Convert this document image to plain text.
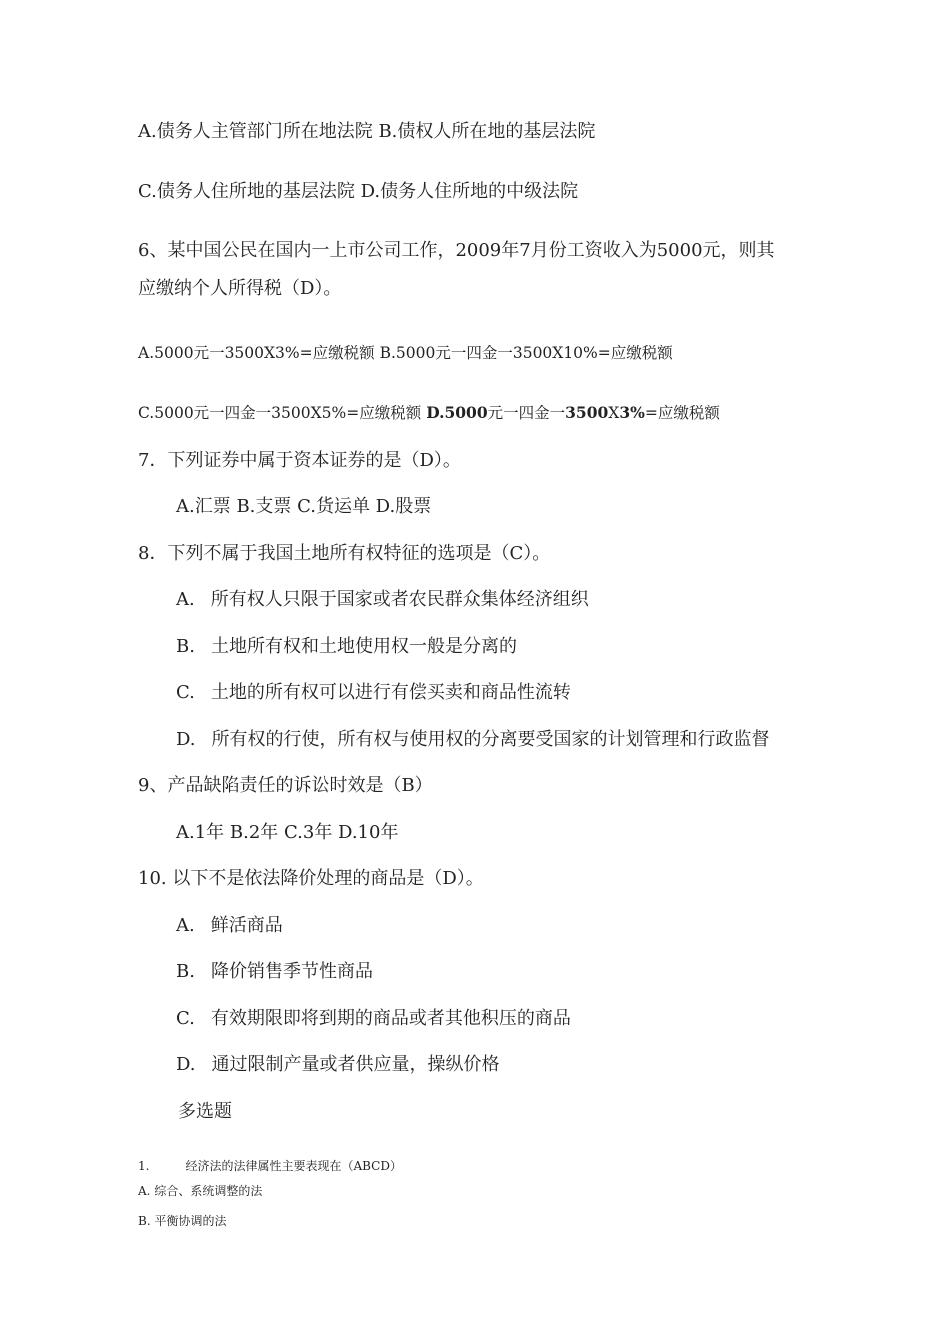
A.债务人主管部门所在地法院 B.债权人所在地的基层法院

C.债务人住所地的基层法院 D.债务人住所地的中级法院

6、某中国公民在国内一上市公司工作，2009年7月份工资收入为5000元，则其

应缴纳个人所得税（D）。

A.5000元一3500X3%=应缴税额 B.5000元一四金一3500X10%=应缴税额

C.5000元一四金一3500X5%=应缴税额 D.5000元一四金一3500X3%=应缴税额

7．下列证券中属于资本证券的是（D）。

A.汇票 B.支票 C.货运单 D.股票

8．下列不属于我国土地所有权特征的选项是（C）。

A. 所有权人只限于国家或者农民群众集体经济组织

B. 土地所有权和土地使用权一般是分离的

C. 土地的所有权可以进行有偿买卖和商品性流转

D. 所有权的行使，所有权与使用权的分离要受国家的计划管理和行政监督

9、产品缺陷责任的诉讼时效是（B）

A.1年 B.2年 C.3年 D.10年

10. 以下不是依法降价处理的商品是（D）。

A. 鲜活商品

B. 降价销售季节性商品

C. 有效期限即将到期的商品或者其他积压的商品

D. 通过限制产量或者供应量，操纵价格

多选题

1.	经济法的法律属性主要表现在（ABCD）

A. 综合、系统调整的法

B. 平衡协调的法
